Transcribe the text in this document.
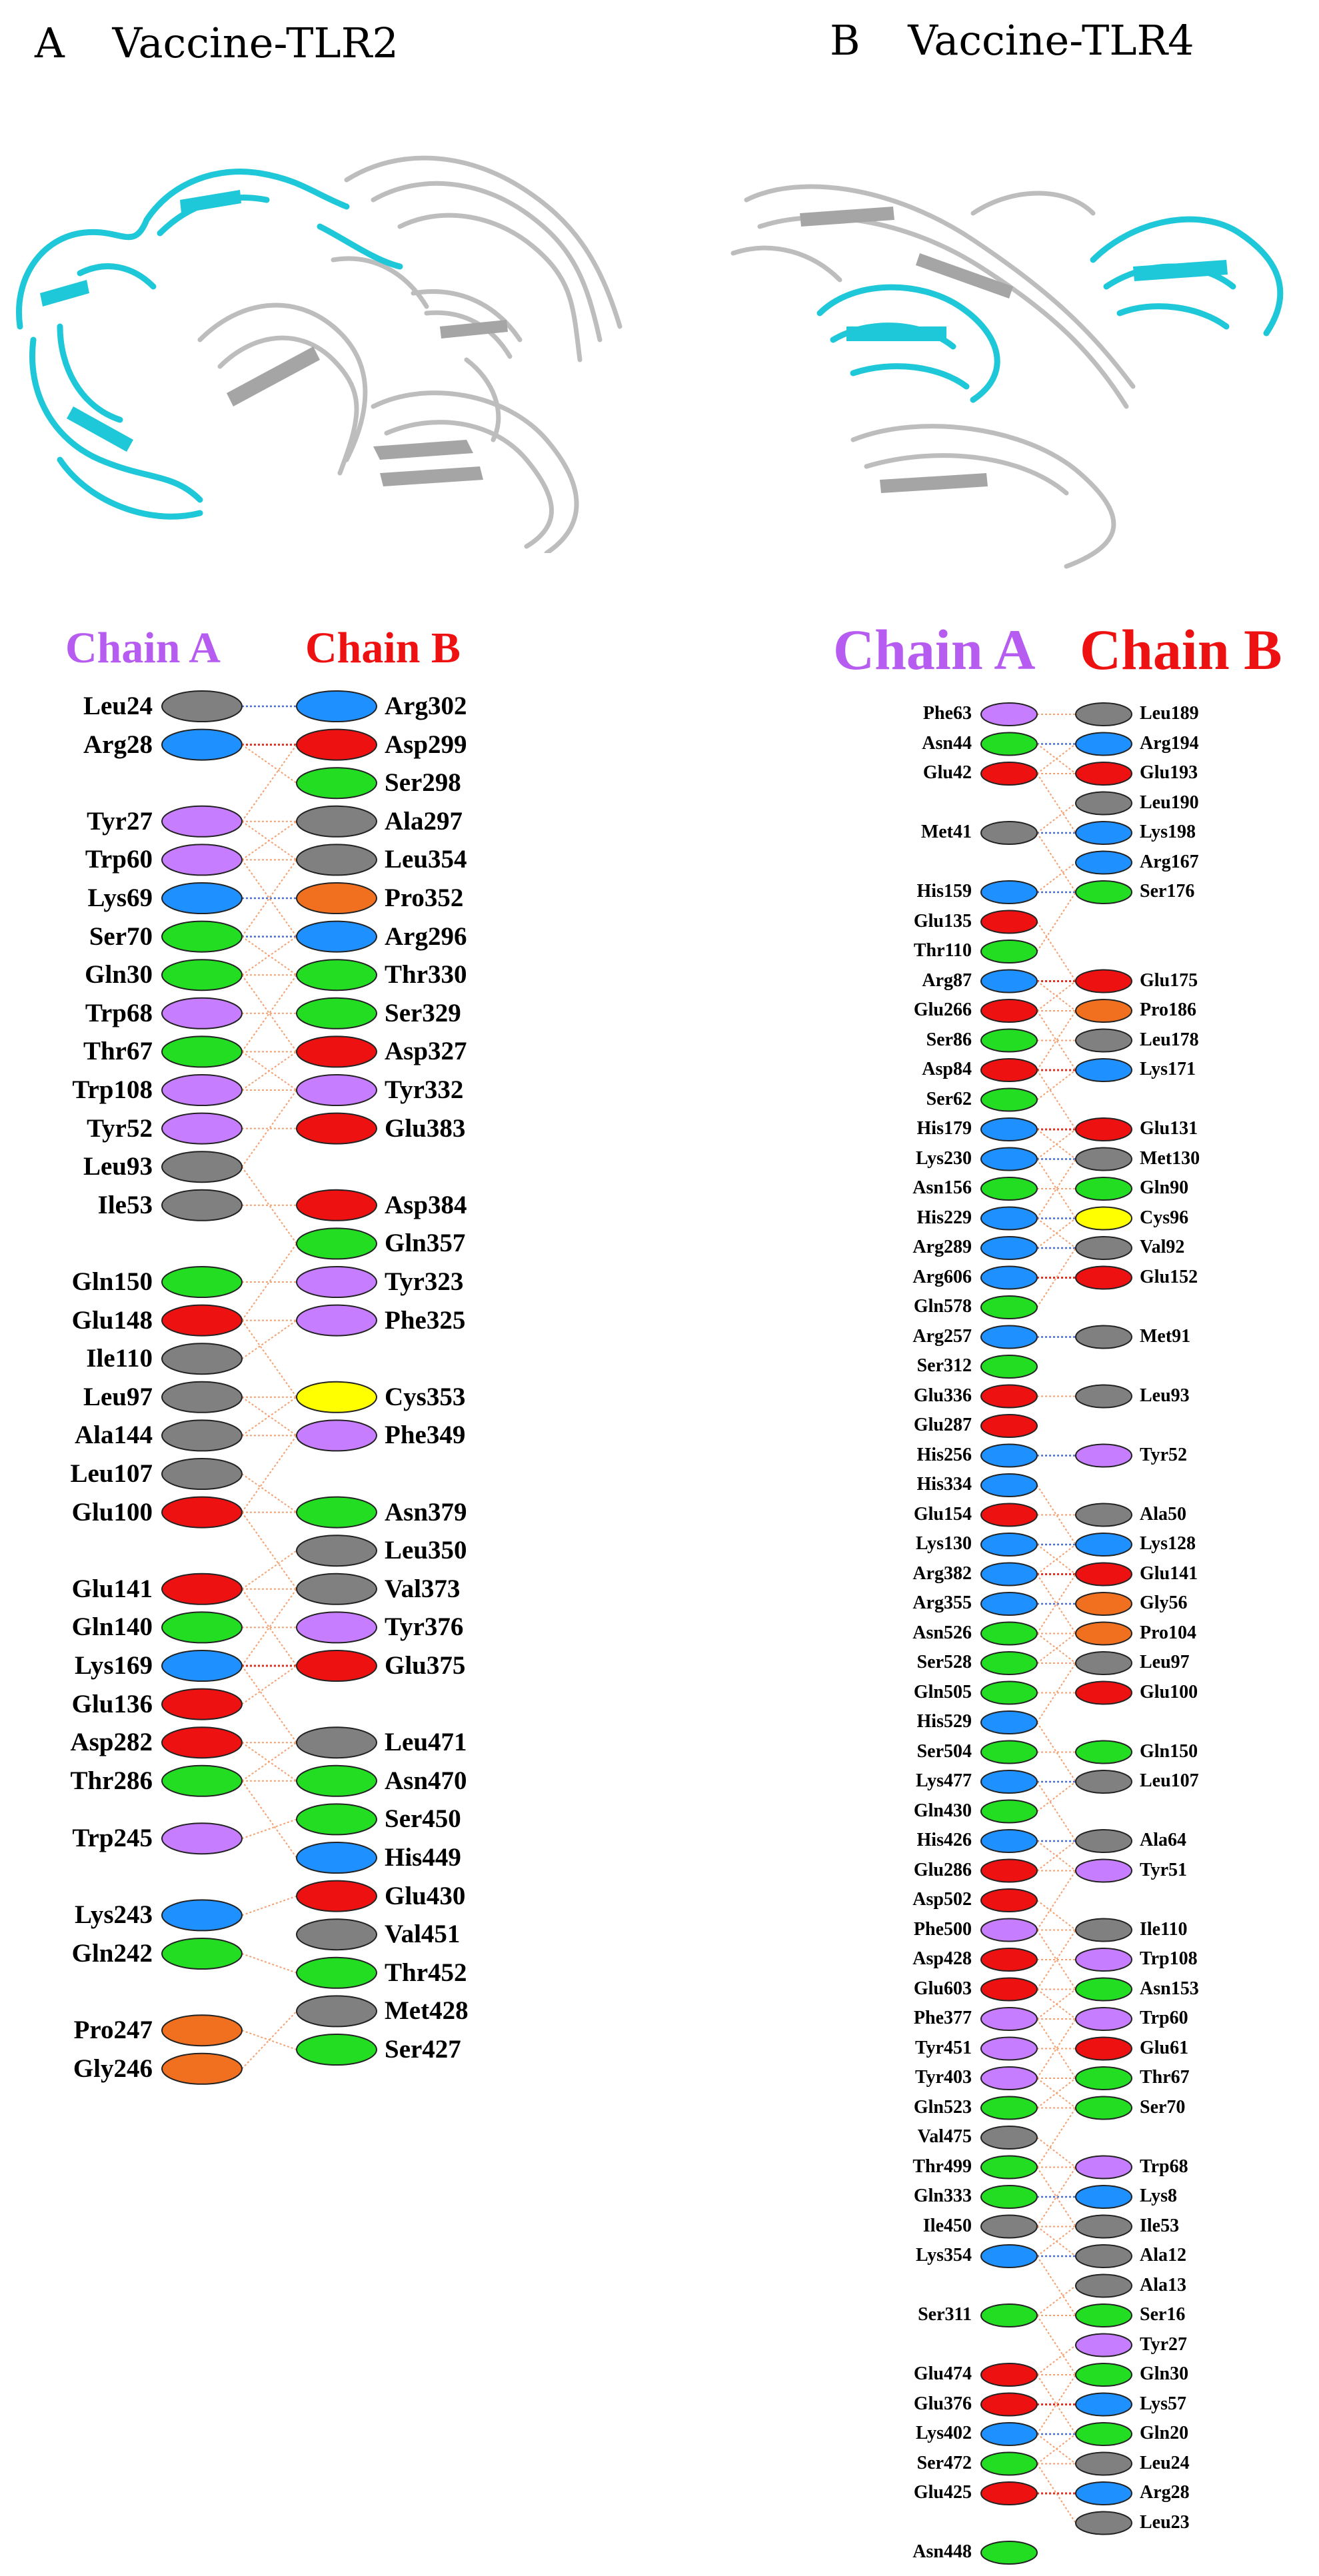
A Vaccine-TLR2	B Vaccine-TLR4
Chain A Chain B	Chain A Chain B
Leu24
Arg28
Tyr27
Trp60
Lys69
Ser70
Gln30
Trp68
Thr67
Trp108
Tyr52
Leu93
Ile53
Gln150
Glu148
Ile110
Leu97
Ala144
Leu107
Glu100
Glu141
Gln140
Lys169
Glu136
Asp282
Thr286
Trp245
Lys243
Gln242
Pro247
Gly246
Arg302
Asp299
Ser298
Ala297
Leu354
Pro352
Arg296
Thr330
Ser329
Asp327
Tyr332
Glu383
Asp384
Gln357
Tyr323
Phe325
Cys353
Phe349
Asn379
Leu350
Val373
Tyr376
Glu375
Leu471
Asn470
Ser450
His449
Glu430
Val451
Thr452
Met428
Ser427
Phe63
Asn44
Glu42
Met41
His159
Glu135
Thr110
Arg87
Glu266
Ser86
Asp84
Ser62
His179
Lys230
Asn156
His229
Arg289
Arg606
Gln578
Arg257
Ser312
Glu336
Glu287
His256
His334
Glu154
Lys130
Arg382
Arg355
Asn526
Ser528
Gln505
His529
Ser504
Lys477
Gln430
His426
Glu286
Asp502
Phe500
Asp428
Glu603
Phe377
Tyr451
Tyr403
Gln523
Val475
Thr499
Gln333
Ile450
Lys354
Ser311
Glu474
Glu376
Lys402
Ser472
Glu425
Asn448
Leu189
Arg194
Glu193
Leu190
Lys198
Arg167
Ser176
Glu175
Pro186
Leu178
Lys171
Glu131
Met130
Gln90
Cys96
Val92
Glu152
Met91
Leu93
Tyr52
Ala50
Lys128
Glu141
Gly56
Pro104
Leu97
Glu100
Gln150
Leu107
Ala64
Tyr51
Ile110
Trp108
Asn153
Trp60
Glu61
Thr67
Ser70
Trp68
Lys8
Ile53
Ala12
Ala13
Ser16
Tyr27
Gln30
Lys57
Gln20
Leu24
Arg28
Leu23
